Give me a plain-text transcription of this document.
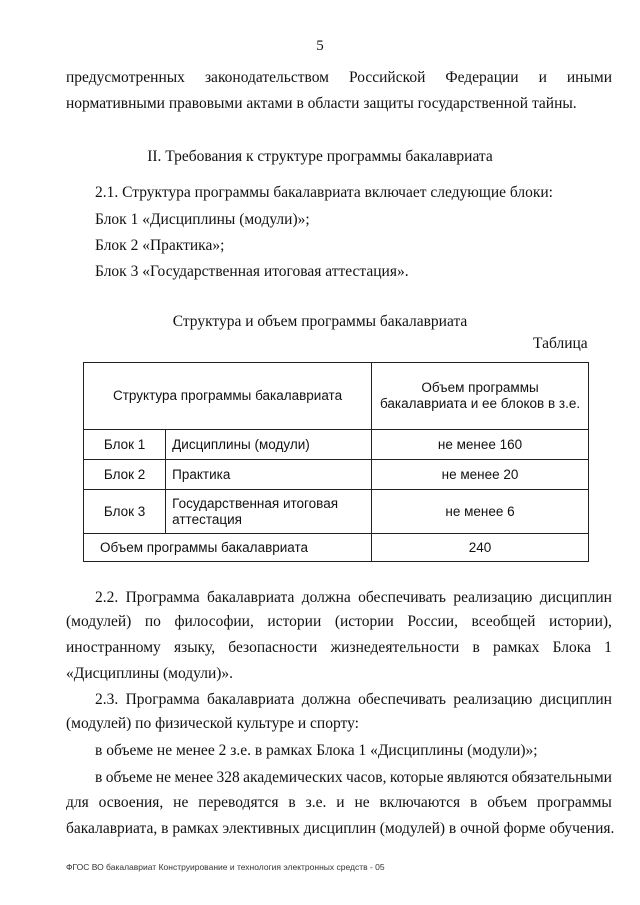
5
предусмотренных законодательством Российской Федерации и иными
нормативными правовыми актами в области защиты государственной тайны.
II. Требования к структуре программы бакалавриата
2.1. Структура программы бакалавриата включает следующие блоки:
Блок 1 «Дисциплины (модули)»;
Блок 2 «Практика»;
Блок 3 «Государственная итоговая аттестация».
Структура и объем программы бакалавриата
Таблица
Структура программы бакалавриата		Объем программы бакалавриата и ее блоков в з.е.
Блок 1	Дисциплины (модули)	не менее 160
Блок 2	Практика	не менее 20
Блок 3	Государственная итоговая аттестация	не менее 6
Объем программы бакалавриата		240
2.2. Программа бакалавриата должна обеспечивать реализацию дисциплин
(модулей) по философии, истории (истории России, всеобщей истории),
иностранному языку, безопасности жизнедеятельности в рамках Блока 1
«Дисциплины (модули)».
2.3. Программа бакалавриата должна обеспечивать реализацию дисциплин
(модулей) по физической культуре и спорту:
в объеме не менее 2 з.е. в рамках Блока 1 «Дисциплины (модули)»;
в объеме не менее 328 академических часов, которые являются обязательными
для освоения, не переводятся в з.е. и не включаются в объем программы
бакалавриата, в рамках элективных дисциплин (модулей) в очной форме обучения.
ФГОС ВО бакалавриат Конструирование и технология электронных средств - 05
